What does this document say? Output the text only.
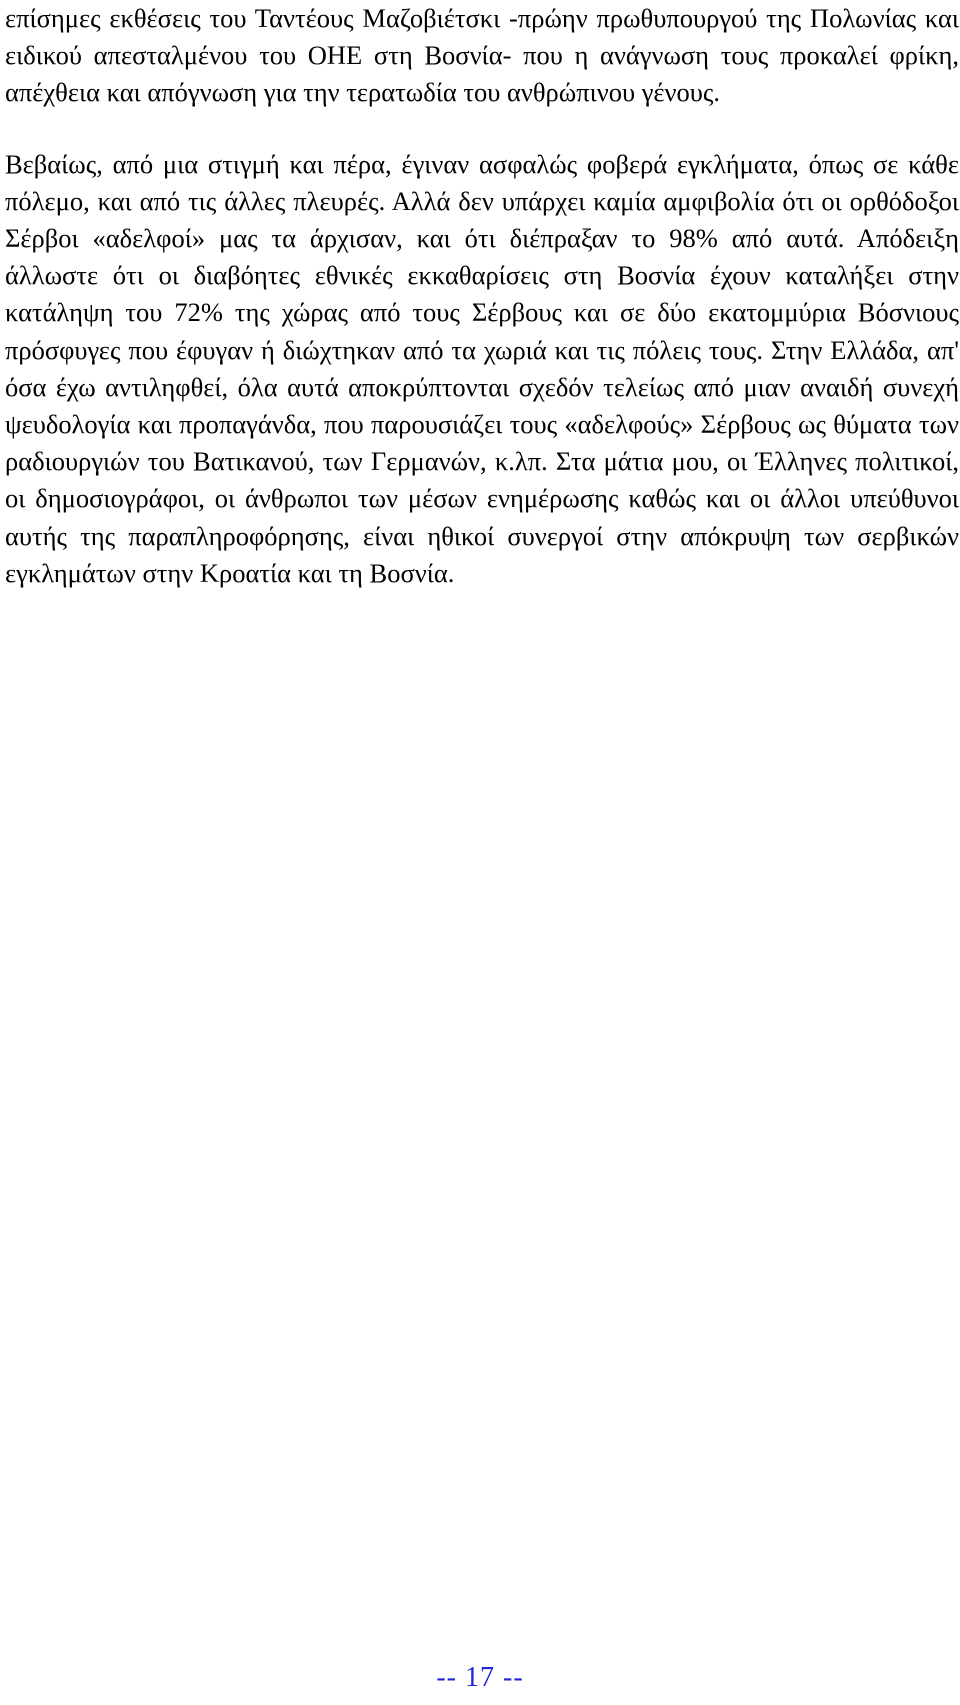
επίσημες εκθέσεις του Ταντέους Μαζοβιέτσκι -πρώην πρωθυπουργού της Πολωνίας και ειδικού απεσταλμένου του ΟΗΕ στη Βοσνία- που η ανάγνωση τους προκαλεί φρίκη, απέχθεια και απόγνωση για την τερατωδία του ανθρώπινου γένους.

Βεβαίως, από μια στιγμή και πέρα, έγιναν ασφαλώς φοβερά εγκλήματα, όπως σε κάθε πόλεμο, και από τις άλλες πλευρές. Αλλά δεν υπάρχει καμία αμφιβολία ότι οι ορθόδοξοι Σέρβοι «αδελφοί» μας τα άρχισαν, και ότι διέπραξαν το 98% από αυτά. Απόδειξη άλλωστε ότι οι διαβόητες εθνικές εκκαθαρίσεις στη Βοσνία έχουν καταλήξει στην κατάληψη του 72% της χώρας από τους Σέρβους και σε δύο εκατομμύρια Βόσνιους πρόσφυγες που έφυγαν ή διώχτηκαν από τα χωριά και τις πόλεις τους. Στην Ελλάδα, απ' όσα έχω αντιληφθεί, όλα αυτά αποκρύπτονται σχεδόν τελείως από μιαν αναιδή συνεχή ψευδολογία και προπαγάνδα, που παρουσιάζει τους «αδελφούς» Σέρβους ως θύματα των ραδιουργιών του Βατικανού, των Γερμανών, κ.λπ. Στα μάτια μου, οι Έλληνες πολιτικοί, οι δημοσιογράφοι, οι άνθρωποι των μέσων ενημέρωσης καθώς και οι άλλοι υπεύθυνοι αυτής της παραπληροφόρησης, είναι ηθικοί συνεργοί στην απόκρυψη των σερβικών εγκλημάτων στην Κροατία και τη Βοσνία.

-- 17 --
